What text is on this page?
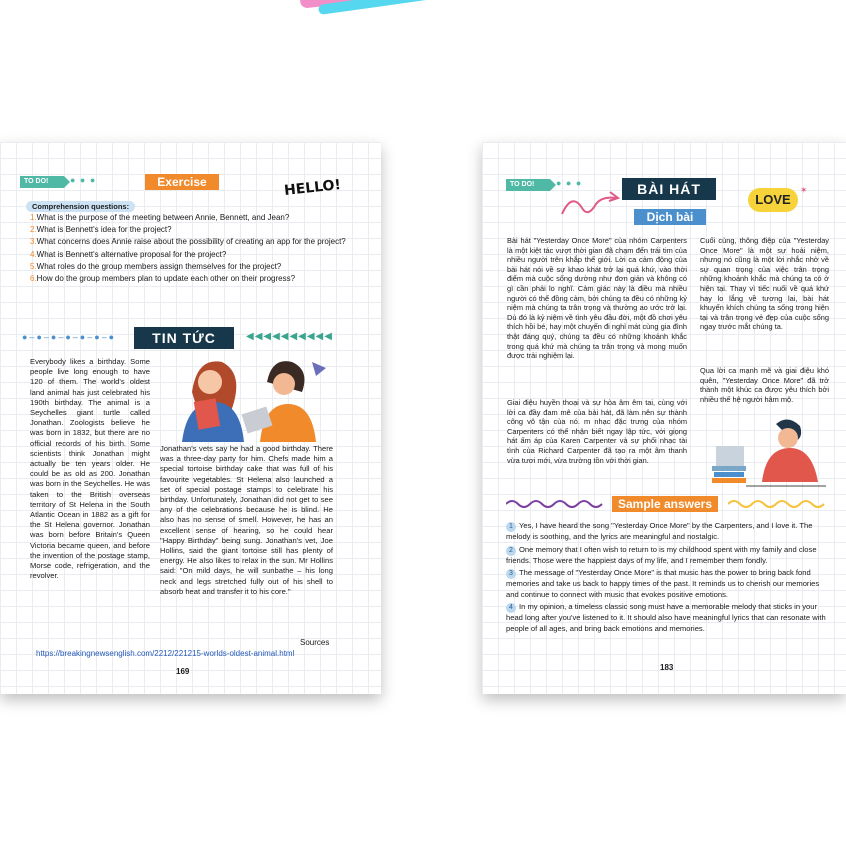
TO DO!	● ● ●	Exercise	HELLO!
Comprehension questions:
1.What is the purpose of the meeting between Annie, Bennett, and Jean?
2.What is Bennett's idea for the project?
3.What concerns does Annie raise about the possibility of creating an app for the project?
4.What is Bennett's alternative proposal for the project?
5.What roles do the group members assign themselves for the project?
6.How do the group members plan to update each other on their progress?
●–●–●–●–●–●–●	TIN TỨC	◀◀◀◀◀◀◀◀◀◀

Everybody likes a birthday. Some people live long enough to have 120 of them. The world's oldest land animal has just celebrated his 190th birthday. The animal is a Seychelles giant turtle called Jonathan. Zoologists believe he was born in 1832, but there are no official records of his birth. Some scientists think Jonathan might actually be ten years older. He could be as old as 200. Jonathan was born in the Seychelles. He was taken to the British overseas territory of St Helena in the South Atlantic Ocean in 1882 as a gift for the St Helena governor. Jonathan was born before Britain's Queen Victoria became queen, and before the invention of the postage stamp, Morse code, refrigeration, and the revolver.

Jonathan's vets say he had a good birthday. There was a three-day party for him. Chefs made him a special tortoise birthday cake that was full of his favourite vegetables. St Helena also launched a set of special postage stamps to celebrate his birthday. Unfortunately, Jonathan did not get to see any of the celebrations because he is blind. He also has no sense of smell. However, he has an excellent sense of hearing, so he could hear "Happy Birthday" being sung. Jonathan's vet, Joe Hollins, said the giant tortoise still has plenty of energy. He also likes to relax in the sun. Mr Hollins said: "On mild days, he will sunbathe – his long neck and legs stretched fully out of his shell to absorb heat and transfer it to his core."

Sources
https://breakingnewsenglish.com/2212/221215-worlds-oldest-animal.html
169
TO DO!	● ● ●	BÀI HÁT
Dịch bài
LOVE
✶

Bài hát "Yesterday Once More" của nhóm Carpenters là một kiệt tác vượt thời gian đã chạm đến trái tim của nhiều người trên khắp thế giới. Lời ca cảm động của bài hát nói về sự khao khát trở lại quá khứ, vào thời điểm mà cuộc sống dường như đơn giản và không có gì cần phải lo nghĩ. Cảm giác này là điều mà nhiều người có thể đồng cảm, bởi chúng ta đều có những kỷ niệm mà chúng ta trân trọng và thường ao ước trở lại. Dù đó là kỷ niệm về tình yêu đầu đời, một đồ chơi yêu thích hồi bé, hay một chuyến đi nghỉ mát cùng gia đình thật đáng quý, chúng ta đều có những khoảnh khắc trong quá khứ mà chúng ta trân trọng và mong muốn được trải nghiệm lại.

Giai điệu huyền thoại và sự hòa âm êm tai, cùng với lời ca đầy đam mê của bài hát, đã làm nên sự thành công vô tận của nó. m nhạc đặc trưng của nhóm Carpenters có thể nhận biết ngay lập tức, với giọng hát ấm áp của Karen Carpenter và sự phối nhạc tài tình của Richard Carpenter đã tạo ra một âm thanh vừa tươi mới, vừa trường tồn với thời gian.

Cuối cùng, thông điệp của "Yesterday Once More" là một sự hoài niệm, nhưng nó cũng là một lời nhắc nhở về sự quan trọng của việc trân trọng những khoảnh khắc mà chúng ta có ở hiện tại. Thay vì tiếc nuối về quá khứ hay lo lắng về tương lai, bài hát khuyến khích chúng ta sống trong hiện tại và trân trọng vẻ đẹp của cuộc sống ngay trước mắt chúng ta.

Qua lời ca mạnh mẽ và giai điệu khó quên, "Yesterday Once More" đã trở thành một khúc ca được yêu thích bởi nhiều thế hệ người hâm mộ.

Sample answers
1 Yes, I have heard the song "Yesterday Once More" by the Carpenters, and I love it. The melody is soothing, and the lyrics are meaningful and nostalgic.
2 One memory that I often wish to return to is my childhood spent with my family and close friends. Those were the happiest days of my life, and I remember them fondly.
3 The message of "Yesterday Once More" is that music has the power to bring back fond memories and take us back to happy times of the past. It reminds us to cherish our memories and continue to connect with music that evokes positive emotions.
4 In my opinion, a timeless classic song must have a memorable melody that sticks in your head long after you've listened to it. It should also have meaningful lyrics that can resonate with people of all ages, and bring back emotions and memories.
183
